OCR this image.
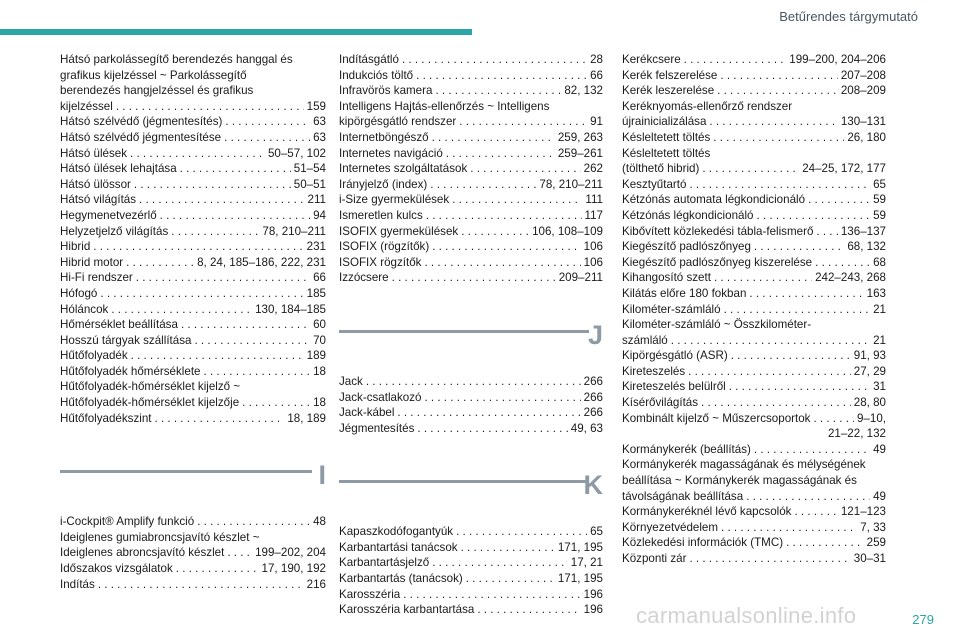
Betűrendes tárgymutató
Hátsó parkolássegítő berendezés hanggal és
grafikus kijelzéssel ~ Parkolássegítő
berendezés hangjelzéssel és grafikus
kijelzéssel . . .	159
Hátsó szélvédő (jégmentesítés) . . .	63
Hátsó szélvédő jégmentesítése . . .	63
Hátsó ülések . . .	50–57, 102
Hátsó ülések lehajtása . . .	51–54
Hátsó ülössor . . .	50–51
Hátsó világítás . . .	211
Hegymenetvezérlő . . .	94
Helyzetjelző világítás . . .	78, 210–211
Hibrid . . .	231
Hibrid motor . . .	8, 24, 185–186, 222, 231
Hi-Fi rendszer . . .	66
Hófogó . . .	185
Hóláncok . . .	130, 184–185
Hőmérséklet beállítása . . .	60
Hosszú tárgyak szállítása . . .	70
Hűtőfolyadék . . .	189
Hűtőfolyadék hőmérséklete . . .	18
Hűtőfolyadék-hőmérséklet kijelző ~
Hűtőfolyadék-hőmérséklet kijelzője . . .	18
Hűtőfolyadékszint . . .	18, 189
I
i-Cockpit® Amplify funkció . . .	48
Ideiglenes gumiabroncsjavító készlet ~
Ideiglenes abroncsjavító készlet . . .	199–202, 204
Időszakos vizsgálatok . . .	17, 190, 192
Indítás . . .	216
Indításgátló . . .	28
Indukciós töltő . . .	66
Infravörös kamera . . .	82, 132
Intelligens Hajtás-ellenőrzés ~ Intelligens
kipörgésgátló rendszer . . .	91
Internetböngésző . . .	259, 263
Internetes navigáció . . .	259–261
Internetes szolgáltatások . . .	262
Irányjelző (index) . . .	78, 210–211
i-Size gyermekülések . . .	111
Ismeretlen kulcs . . .	117
ISOFIX gyermekülések . . .	106, 108–109
ISOFIX (rögzítők) . . .	106
ISOFIX rögzítők . . .	106
Izzócsere . . .	209–211
J
Jack . . .	266
Jack-csatlakozó . . .	266
Jack-kábel . . .	266
Jégmentesítés . . .	49, 63
K
Kapaszkodófogantyúk . . .	65
Karbantartási tanácsok . . .	171, 195
Karbantartásjelző . . .	17, 21
Karbantartás (tanácsok) . . .	171, 195
Karosszéria . . .	196
Karosszéria karbantartása . . .	196
Kerékcsere . . .	199–200, 204–206
Kerék felszerelése . . .	207–208
Kerék leszerelése . . .	208–209
Keréknyomás-ellenőrző rendszer
újrainicializálása . . .	130–131
Késleltetett töltés . . .	26, 180
Késleltetett töltés
(tölthető hibrid) . . .	24–25, 172, 177
Kesztyűtartó . . .	65
Kétzónás automata légkondicionáló . . .	59
Kétzónás légkondicionáló . . .	59
Kibővített közlekedési tábla-felismerő . . . 136–137
Kiegészítő padlószőnyeg . . .	68, 132
Kiegészítő padlószőnyeg kiszerelése . . .	68
Kihangosító szett . . .	242–243, 268
Kilátás előre 180 fokban . . .	163
Kilométer-számláló . . .	21
Kilométer-számláló ~ Összkilométer-
számláló . . .	21
Kipörgésgátló (ASR) . . .	91, 93
Kireteszelés . . .	27, 29
Kireteszelés belülről . . .	31
Kísérővilágítás . . .	28, 80
Kombinált kijelző ~ Műszercsoportok . . .	9–10,
21–22, 132
Kormánykerék (beállítás) . . .	49
Kormánykerék magasságának és mélységének
beállítása ~ Kormánykerék magasságának és
távolságának beállítása . . .	49
Kormánykeréknél lévő kapcsolók . . .	121–123
Környezetvédelem . . .	7, 33
Közlekedési információk (TMC) . . .	259
Központi zár . . .	30–31
279
carmanualsonline.info
